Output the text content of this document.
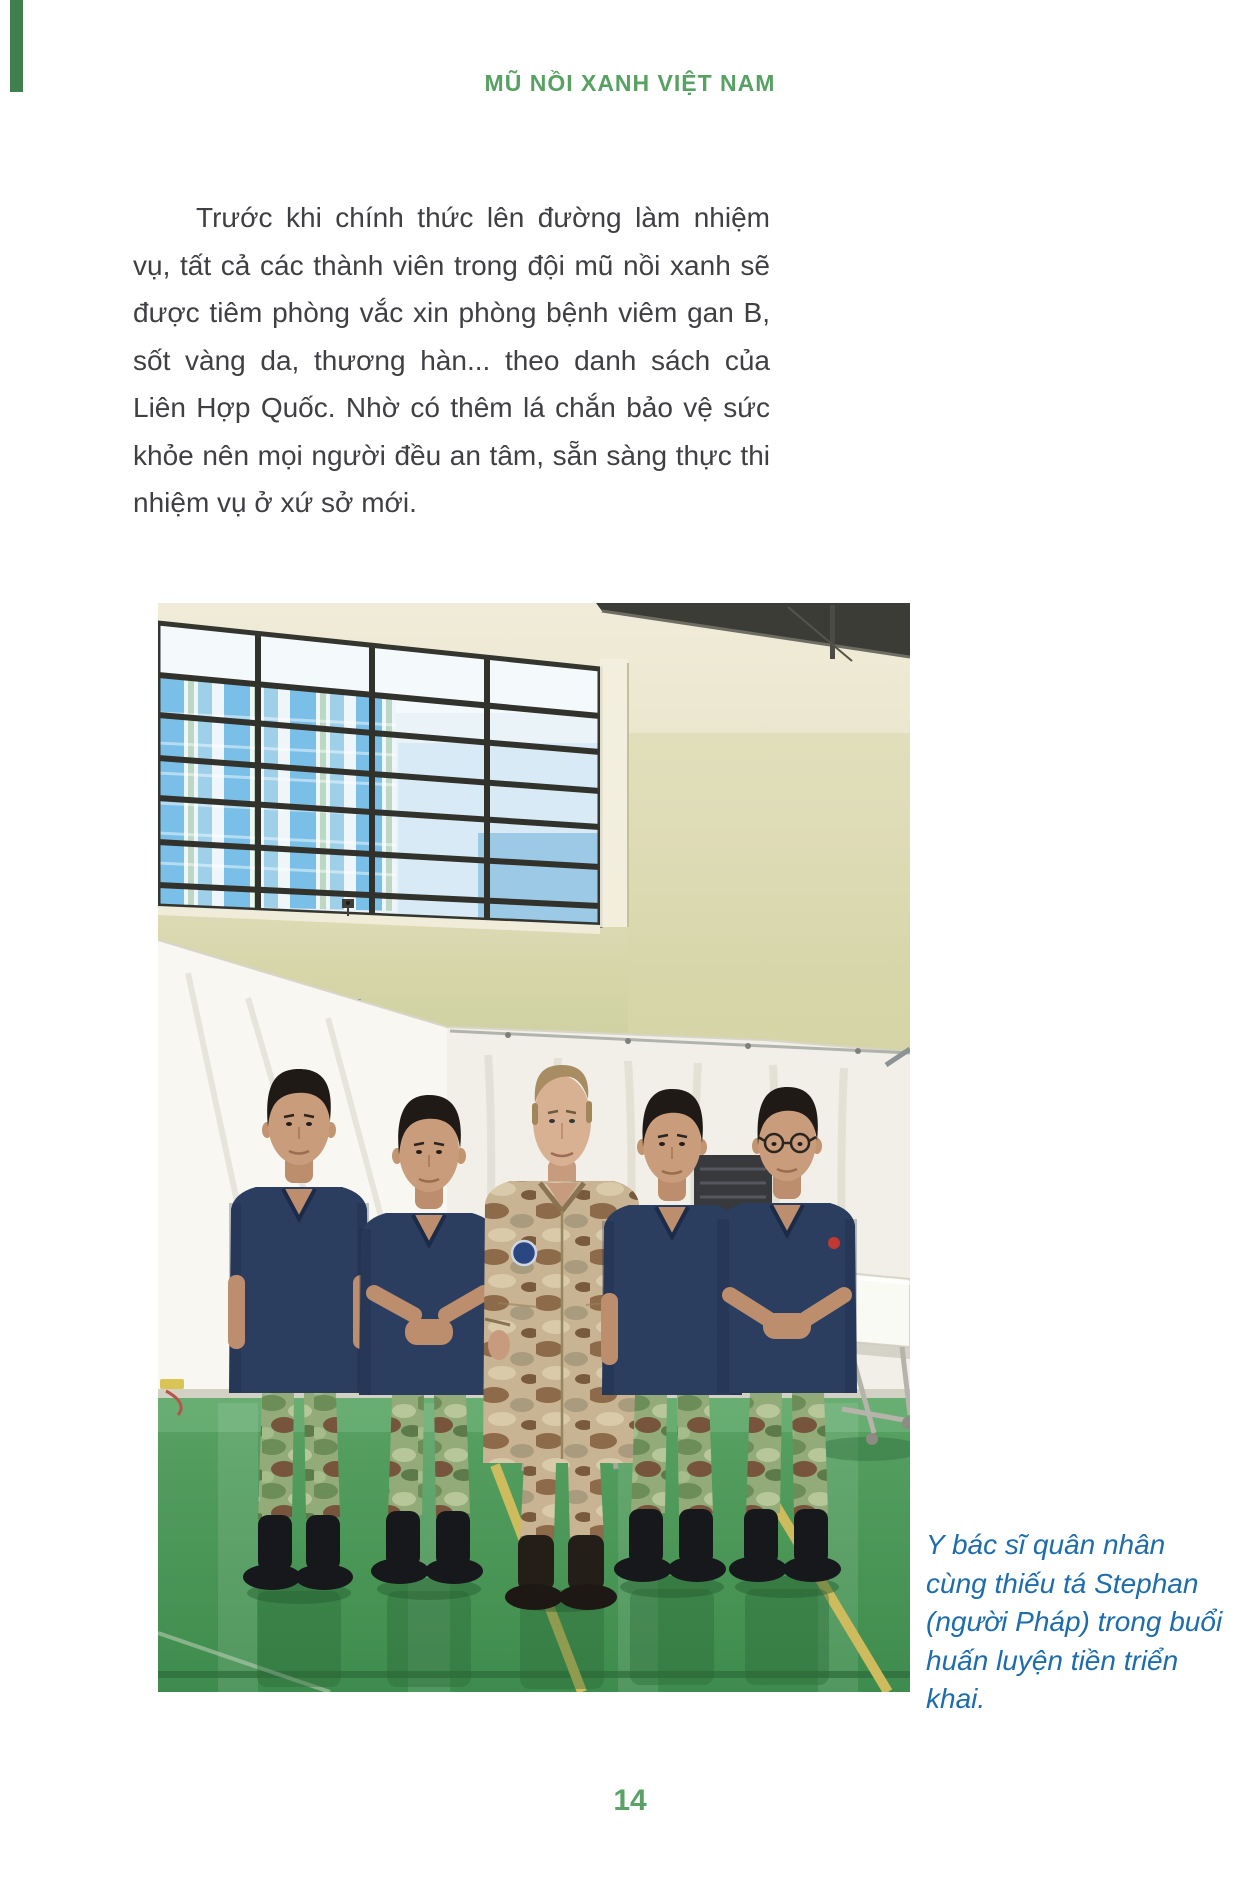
MŨ NỒI XANH VIỆT NAM
Trước khi chính thức lên đường làm nhiệm vụ, tất cả các thành viên trong đội mũ nồi xanh sẽ được tiêm phòng vắc xin phòng bệnh viêm gan B, sốt vàng da, thương hàn... theo danh sách của Liên Hợp Quốc. Nhờ có thêm lá chắn bảo vệ sức khỏe nên mọi người đều an tâm, sẵn sàng thực thi nhiệm vụ ở xứ sở mới.
Y bác sĩ quân nhân cùng thiếu tá Stephan (người Pháp) trong buổi huấn luyện tiền triển khai.
14
